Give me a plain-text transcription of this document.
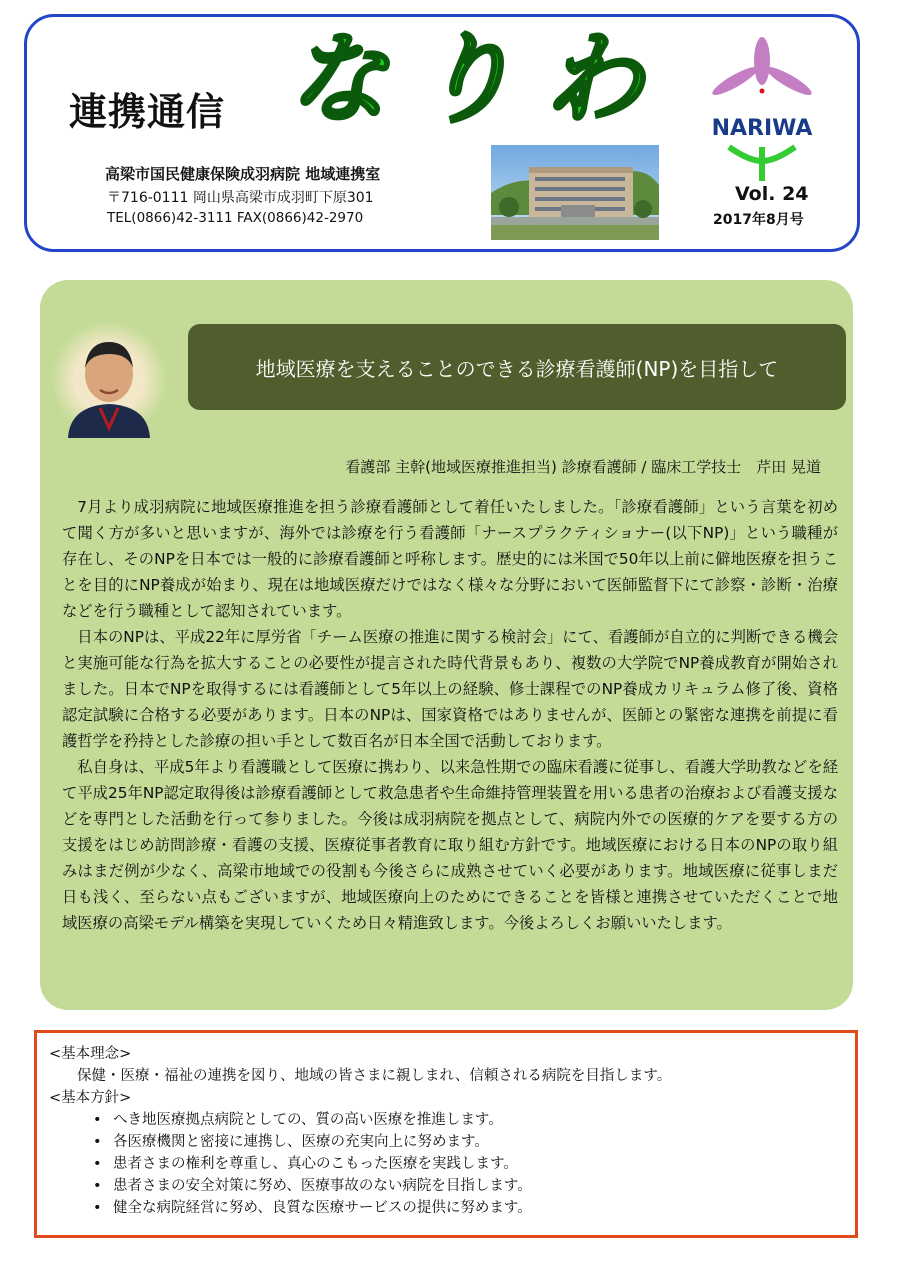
連携通信 なりわ
高梁市国民健康保険成羽病院 地域連携室
〒716-0111 岡山県高梁市成羽町下原301
TEL(0866)42-3111 FAX(0866)42-2970
NARIWA
Vol. 24
2017年8月号
地域医療を支えることのできる診療看護師(NP)を目指して
看護部 主幹(地域医療推進担当) 診療看護師 / 臨床工学技士　芹田 晃道

7月より成羽病院に地域医療推進を担う診療看護師として着任いたしました。「診療看護師」という言葉を初めて聞く方が多いと思いますが、海外では診療を行う看護師「ナースプラクティショナー(以下NP)」という職種が存在し、そのNPを日本では一般的に診療看護師と呼称します。歴史的には米国で50年以上前に僻地医療を担うことを目的にNP養成が始まり、現在は地域医療だけではなく様々な分野において医師監督下にて診察・診断・治療などを行う職種として認知されています。

日本のNPは、平成22年に厚労省「チーム医療の推進に関する検討会」にて、看護師が自立的に判断できる機会と実施可能な行為を拡大することの必要性が提言された時代背景もあり、複数の大学院でNP養成教育が開始されました。日本でNPを取得するには看護師として5年以上の経験、修士課程でのNP養成カリキュラム修了後、資格認定試験に合格する必要があります。日本のNPは、国家資格ではありませんが、医師との緊密な連携を前提に看護哲学を矜持とした診療の担い手として数百名が日本全国で活動しております。

私自身は、平成5年より看護職として医療に携わり、以来急性期での臨床看護に従事し、看護大学助教などを経て平成25年NP認定取得後は診療看護師として救急患者や生命維持管理装置を用いる患者の治療および看護支援などを専門とした活動を行って参りました。今後は成羽病院を拠点として、病院内外での医療的ケアを要する方の支援をはじめ訪問診療・看護の支援、医療従事者教育に取り組む方針です。地域医療における日本のNPの取り組みはまだ例が少なく、高梁市地域での役割も今後さらに成熟させていく必要があります。地域医療に従事しまだ日も浅く、至らない点もございますが、地域医療向上のためにできることを皆様と連携させていただくことで地域医療の高梁モデル構築を実現していくため日々精進致します。今後よろしくお願いいたします。

<基本理念>
保健・医療・福祉の連携を図り、地域の皆さまに親しまれ、信頼される病院を目指します。
<基本方針>
• へき地医療拠点病院としての、質の高い医療を推進します。
• 各医療機関と密接に連携し、医療の充実向上に努めます。
• 患者さまの権利を尊重し、真心のこもった医療を実践します。
• 患者さまの安全対策に努め、医療事故のない病院を目指します。
• 健全な病院経営に努め、良質な医療サービスの提供に努めます。
